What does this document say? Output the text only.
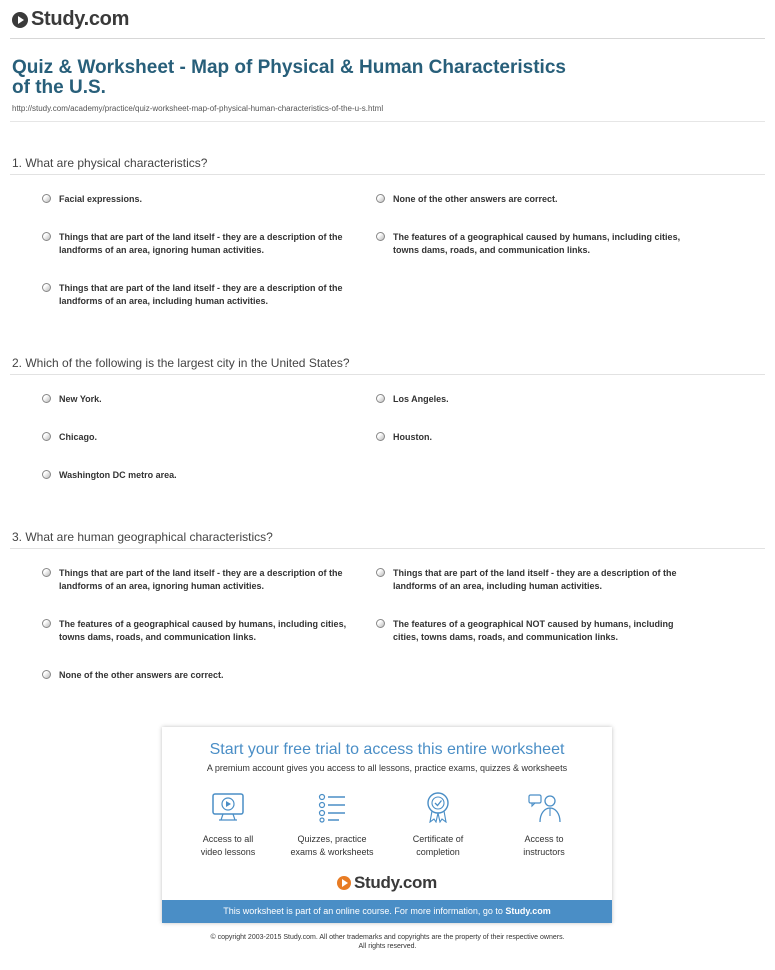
Study.com
Quiz & Worksheet - Map of Physical & Human Characteristics of the U.S.
http://study.com/academy/practice/quiz-worksheet-map-of-physical-human-characteristics-of-the-u-s.html
1. What are physical characteristics?
Facial expressions.	None of the other answers are correct.
Things that are part of the land itself - they are a description of the landforms of an area, ignoring human activities.
The features of a geographical caused by humans, including cities, towns dams, roads, and communication links.
Things that are part of the land itself - they are a description of the landforms of an area, including human activities.
2. Which of the following is the largest city in the United States?
New York.	Los Angeles.
Chicago.	Houston.
Washington DC metro area.
3. What are human geographical characteristics?
Things that are part of the land itself - they are a description of the landforms of an area, ignoring human activities.
Things that are part of the land itself - they are a description of the landforms of an area, including human activities.
The features of a geographical caused by humans, including cities, towns dams, roads, and communication links.
The features of a geographical NOT caused by humans, including cities, towns dams, roads, and communication links.
None of the other answers are correct.
Start your free trial to access this entire worksheet
A premium account gives you access to all lessons, practice exams, quizzes & worksheets
Access to all
video lessons
Quizzes, practice
exams & worksheets
Certificate of
completion
Access to
instructors
Study.com
This worksheet is part of an online course. For more information, go to Study.com
© copyright 2003-2015 Study.com. All other trademarks and copyrights are the property of their respective owners.
All rights reserved.
